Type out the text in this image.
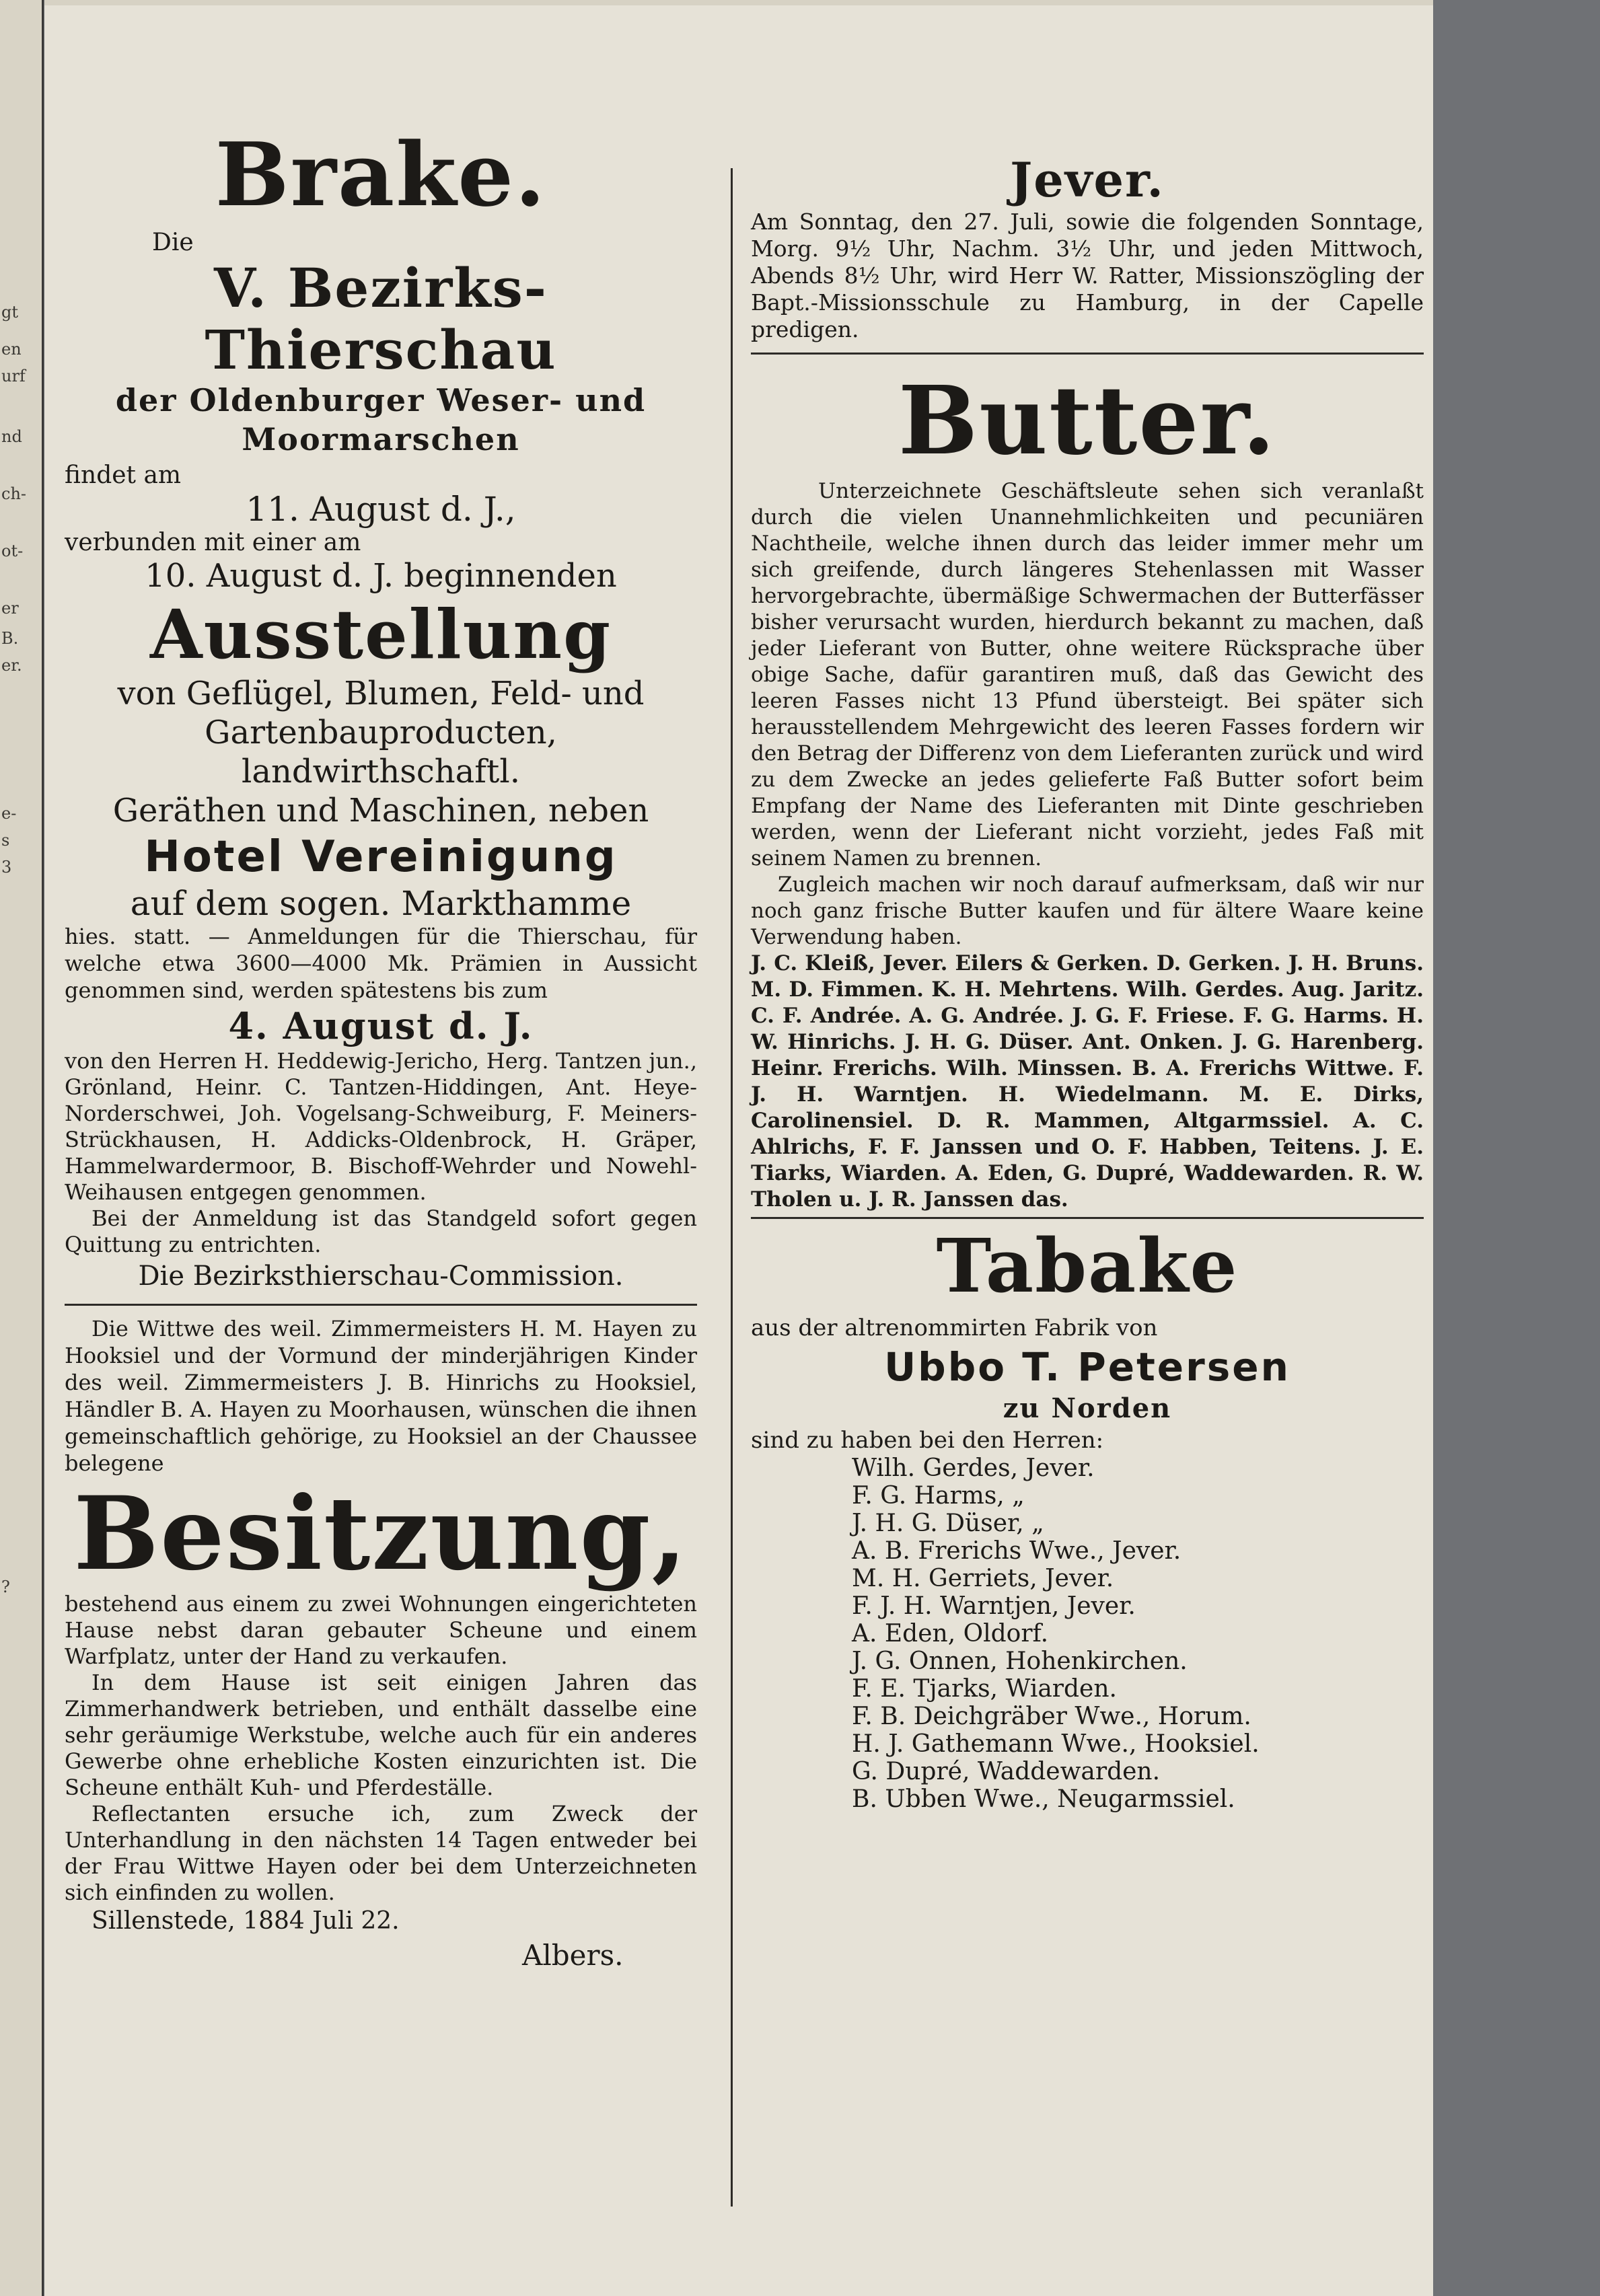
gt
en
urf
nd
ch-
ot-
er
B.
er.
e-
s
3
?
Brake.
Die
V. Bezirks-Thierschau
der Oldenburger Weser- und Moormarschen
findet am
11. August d. J.,
verbunden mit einer am
10. August d. J. beginnenden
Ausstellung
von Geflügel, Blumen, Feld- und
Gartenbauproducten, landwirthschaftl.
Geräthen und Maschinen, neben
Hotel Vereinigung
auf dem sogen. Markthamme
hies. statt. — Anmeldungen für die Thierschau, für welche etwa 3600—4000 Mk. Prämien in Aussicht genommen sind, werden spätestens bis zum
4. August d. J.
von den Herren H. Heddewig-Jericho, Herg. Tantzen jun., Grönland, Heinr. C. Tantzen-Hiddingen, Ant. Heye-Norderschwei, Joh. Vogelsang-Schweiburg, F. Meiners-Strückhausen, H. Addicks-Oldenbrock, H. Gräper, Hammelwardermoor, B. Bischoff-Wehrder und Nowehl-Weihausen entgegen genommen.
Bei der Anmeldung ist das Standgeld sofort gegen Quittung zu entrichten.
Die Bezirksthierschau-Commission.
Die Wittwe des weil. Zimmermeisters H. M. Hayen zu Hooksiel und der Vormund der minderjährigen Kinder des weil. Zimmermeisters J. B. Hinrichs zu Hooksiel, Händler B. A. Hayen zu Moorhausen, wünschen die ihnen gemeinschaftlich gehörige, zu Hooksiel an der Chaussee belegene
Besitzung,
bestehend aus einem zu zwei Wohnungen eingerichteten Hause nebst daran gebauter Scheune und einem Warfplatz, unter der Hand zu verkaufen.
In dem Hause ist seit einigen Jahren das Zimmerhandwerk betrieben, und enthält dasselbe eine sehr geräumige Werkstube, welche auch für ein anderes Gewerbe ohne erhebliche Kosten einzurichten ist. Die Scheune enthält Kuh- und Pferdeställe.
Reflectanten ersuche ich, zum Zweck der Unterhandlung in den nächsten 14 Tagen entweder bei der Frau Wittwe Hayen oder bei dem Unterzeichneten sich einfinden zu wollen.
Sillenstede, 1884 Juli 22.
Albers.
Jever.
Am Sonntag, den 27. Juli, sowie die folgenden Sonntage, Morg. 9½ Uhr, Nachm. 3½ Uhr, und jeden Mittwoch, Abends 8½ Uhr, wird Herr W. Ratter, Missionszögling der Bapt.-Missionsschule zu Hamburg, in der Capelle predigen.
Butter.
Unterzeichnete Geschäftsleute sehen sich veranlaßt durch die vielen Unannehmlichkeiten und pecuniären Nachtheile, welche ihnen durch das leider immer mehr um sich greifende, durch längeres Stehenlassen mit Wasser hervorgebrachte, übermäßige Schwermachen der Butterfässer bisher verursacht wurden, hierdurch bekannt zu machen, daß jeder Lieferant von Butter, ohne weitere Rücksprache über obige Sache, dafür garantiren muß, daß das Gewicht des leeren Fasses nicht 13 Pfund übersteigt. Bei später sich herausstellendem Mehrgewicht des leeren Fasses fordern wir den Betrag der Differenz von dem Lieferanten zurück und wird zu dem Zwecke an jedes gelieferte Faß Butter sofort beim Empfang der Name des Lieferanten mit Dinte geschrieben werden, wenn der Lieferant nicht vorzieht, jedes Faß mit seinem Namen zu brennen.
Zugleich machen wir noch darauf aufmerksam, daß wir nur noch ganz frische Butter kaufen und für ältere Waare keine Verwendung haben.
J. C. Kleiß, Jever. Eilers & Gerken. D. Gerken. J. H. Bruns. M. D. Fimmen. K. H. Mehrtens. Wilh. Gerdes. Aug. Jaritz. C. F. Andrée. A. G. Andrée. J. G. F. Friese. F. G. Harms. H. W. Hinrichs. J. H. G. Düser. Ant. Onken. J. G. Harenberg. Heinr. Frerichs. Wilh. Minssen. B. A. Frerichs Wittwe. F. J. H. Warntjen. H. Wiedelmann. M. E. Dirks, Carolinensiel. D. R. Mammen, Altgarmssiel. A. C. Ahlrichs, F. F. Janssen und O. F. Habben, Teitens. J. E. Tiarks, Wiarden. A. Eden, G. Dupré, Waddewarden. R. W. Tholen u. J. R. Janssen das.
Tabake
aus der altrenommirten Fabrik von
Ubbo T. Petersen
zu Norden
sind zu haben bei den Herren:
Wilh. Gerdes, Jever.
F. G. Harms, „
J. H. G. Düser, „
A. B. Frerichs Wwe., Jever.
M. H. Gerriets, Jever.
F. J. H. Warntjen, Jever.
A. Eden, Oldorf.
J. G. Onnen, Hohenkirchen.
F. E. Tjarks, Wiarden.
F. B. Deichgräber Wwe., Horum.
H. J. Gathemann Wwe., Hooksiel.
G. Dupré, Waddewarden.
B. Ubben Wwe., Neugarmssiel.
